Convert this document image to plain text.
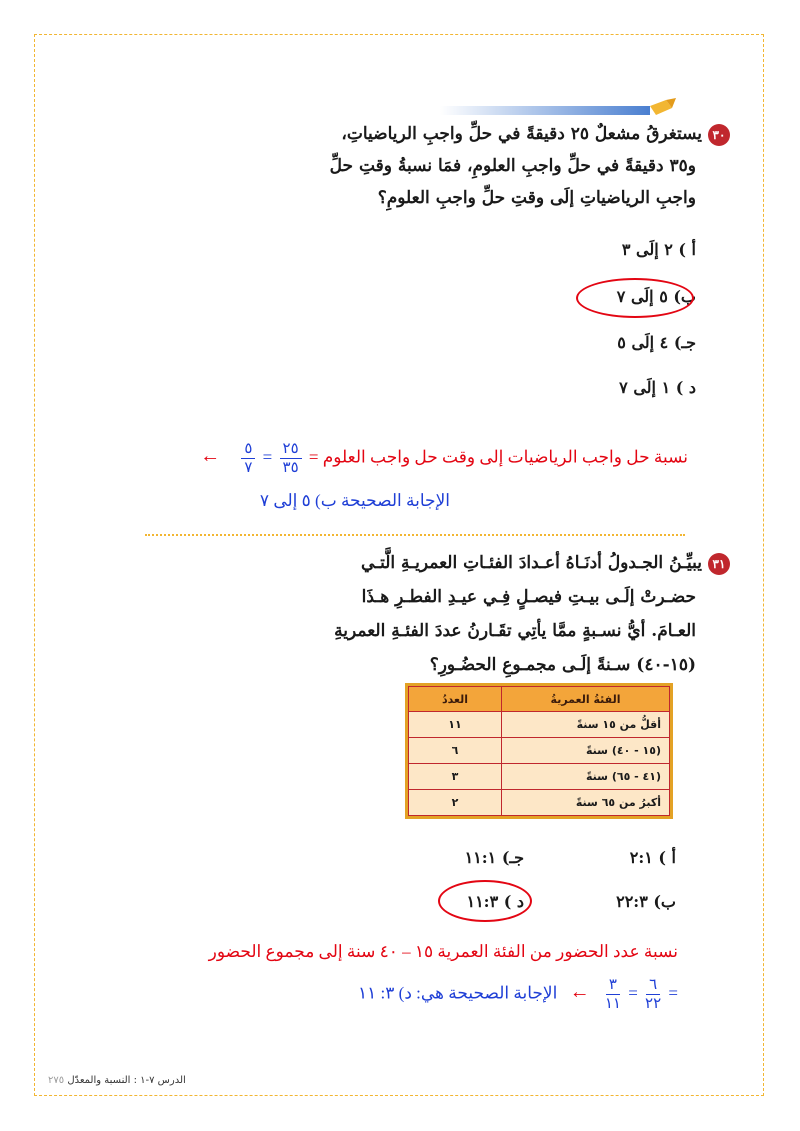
٣٠يستغرقُ مشعلٌ ٢٥ دقيقةً في حلِّ واجبِ الرياضياتِ،
و٣٥ دقيقةً في حلِّ واجبِ العلومِ، فمَا نسبةُ وقتِ حلِّ
واجبِ الرياضياتِ إلَى وقتِ حلِّ واجبِ العلومِ؟
أ ) ٢ إلَى ٣
ب) ٥ إلَى ٧
جـ) ٤ إلَى ٥
د ) ١ إلَى ٧
نسبة حل واجب الرياضيات إلى وقت حل واجب العلوم =
$\frac{٢٥}{٣٥}$
=
$\frac{٥}{٧}$
←
الإجابة الصحيحة ب) ٥ إلى ٧
٣١يبيِّـنُ الجـدولُ أدنَـاهُ أعـدادَ الفئـاتِ العمريـةِ الَّتـي
حضـرتْ إلَـى بيـتِ فيصـلٍ فِـي عيـدِ الفطـرِ هـذَا
العـامَ. أيُّ نسـبةٍ ممَّا يأتِي تقَـارنُ عددَ الفئـةِ العمريةِ
(١٥-٤٠) سـنةً إلَـى مجمـوعِ الحضُـورِ؟
الفئةُ العمريةُ	العددُ
أقلُّ من ١٥ سنةً	١١
(١٥ - ٤٠) سنةً	٦
(٤١ - ٦٥) سنةً	٣
أكبرُ من ٦٥ سنةً	٢
أ ) ٢:١
جـ) ١١:١
ب) ٢٢:٣
د ) ١١:٣
نسبة عدد الحضور من الفئة العمرية ١٥ – ٤٠ سنة إلى مجموع الحضور
=
$\frac{٦}{٢٢}$
=
$\frac{٣}{١١}$
← الإجابة الصحيحة هي: د) ٣: ١١
الدرس ٧-١ : النسبة والمعدّل ٢٧٥
